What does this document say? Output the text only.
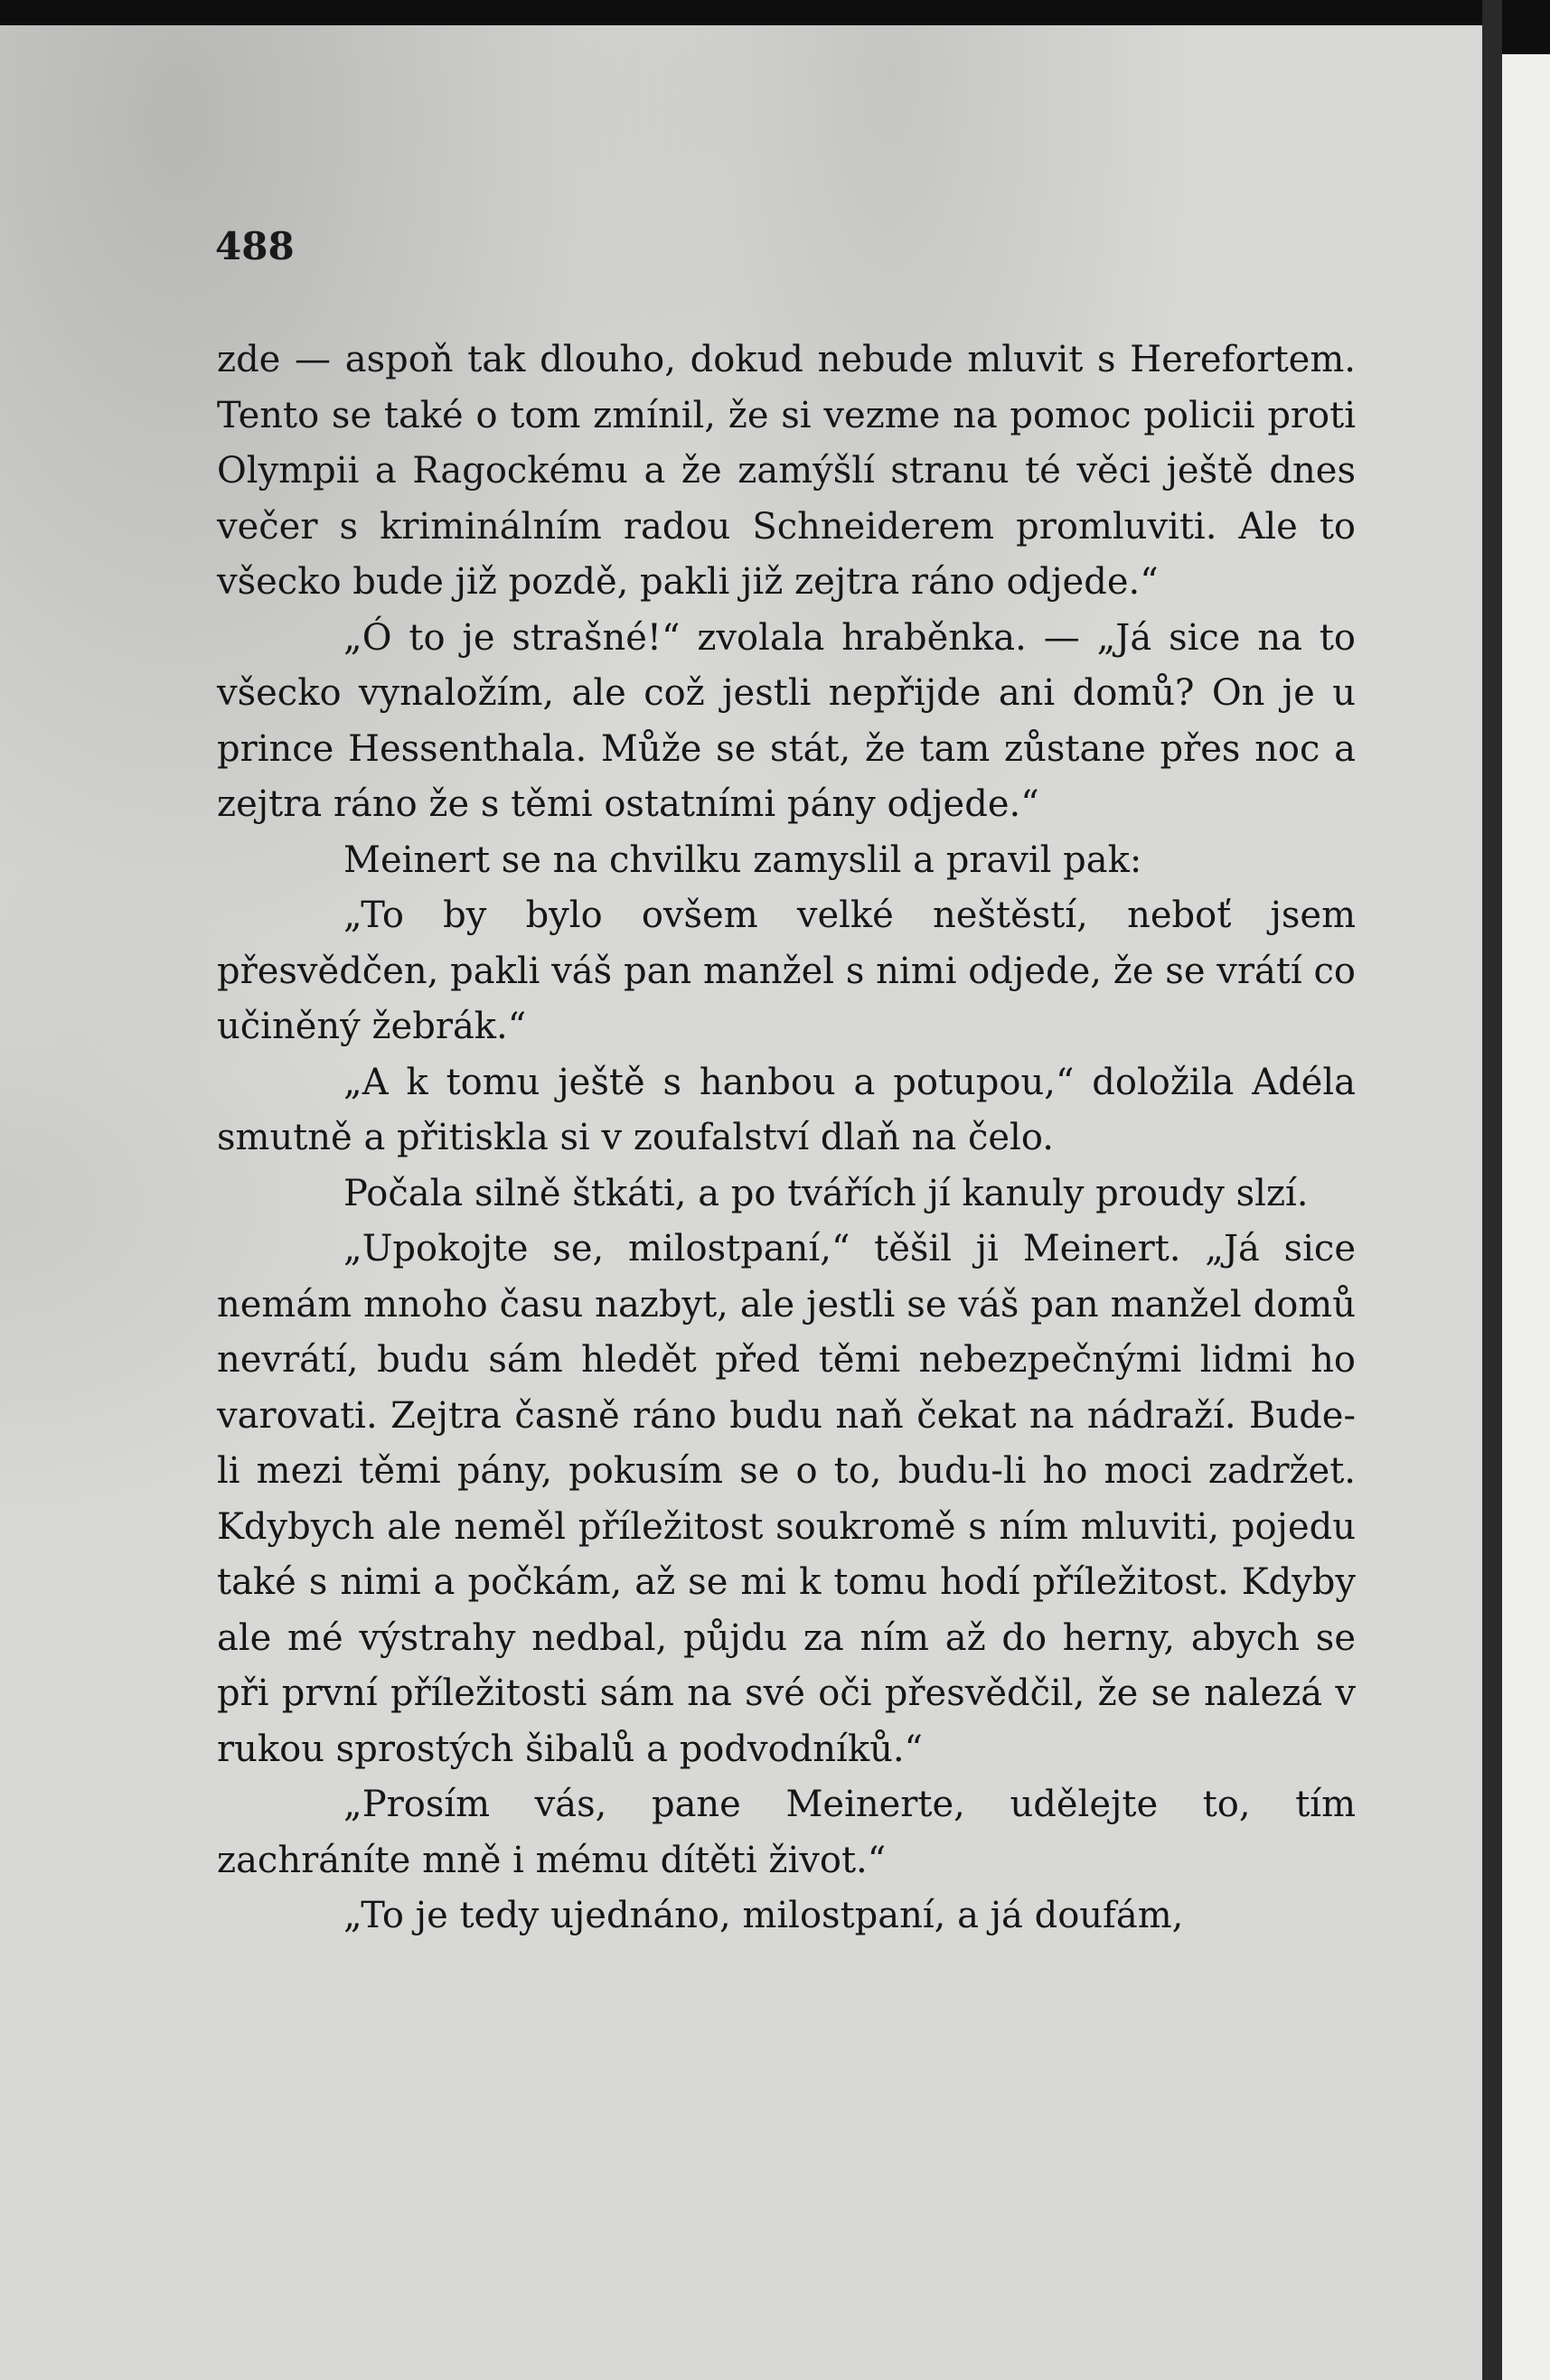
488

zde — aspoň tak dlouho, dokud nebude mluvit s Herefortem. Tento se také o tom zmínil, že si vezme na pomoc policii proti Olympii a Ragockému a že zamýšlí stranu té věci ještě dnes večer s kriminálním radou Schneiderem promluviti. Ale to všecko bude již pozdě, pakli již zejtra ráno odjede.“

„Ó to je strašné!“ zvolala hraběnka. — „Já sice na to všecko vynaložím, ale což jestli nepřijde ani domů? On je u prince Hessenthala. Může se stát, že tam zůstane přes noc a zejtra ráno že s těmi ostatními pány odjede.“

Meinert se na chvilku zamyslil a pravil pak:

„To by bylo ovšem velké neštěstí, neboť jsem přesvědčen, pakli váš pan manžel s nimi odjede, že se vrátí co učiněný žebrák.“

„A k tomu ještě s hanbou a potupou,“ doložila Adéla smutně a přitiskla si v zoufalství dlaň na čelo.

Počala silně štkáti, a po tvářích jí kanuly proudy slzí.

„Upokojte se, milostpaní,“ těšil ji Meinert. „Já sice nemám mnoho času nazbyt, ale jestli se váš pan manžel domů nevrátí, budu sám hledět před těmi nebezpečnými lidmi ho varovati. Zejtra časně ráno budu naň čekat na nádraží. Bude-li mezi těmi pány, pokusím se o to, budu-li ho moci zadržet. Kdybych ale neměl příležitost soukromě s ním mluviti, pojedu také s nimi a počkám, až se mi k tomu hodí příležitost. Kdyby ale mé výstrahy nedbal, půjdu za ním až do herny, abych se při první příležitosti sám na své oči přesvědčil, že se nalezá v rukou sprostých šibalů a podvodníků.“

„Prosím vás, pane Meinerte, udělejte to, tím zachráníte mně i mému dítěti život.“

„To je tedy ujednáno, milostpaní, a já doufám,
